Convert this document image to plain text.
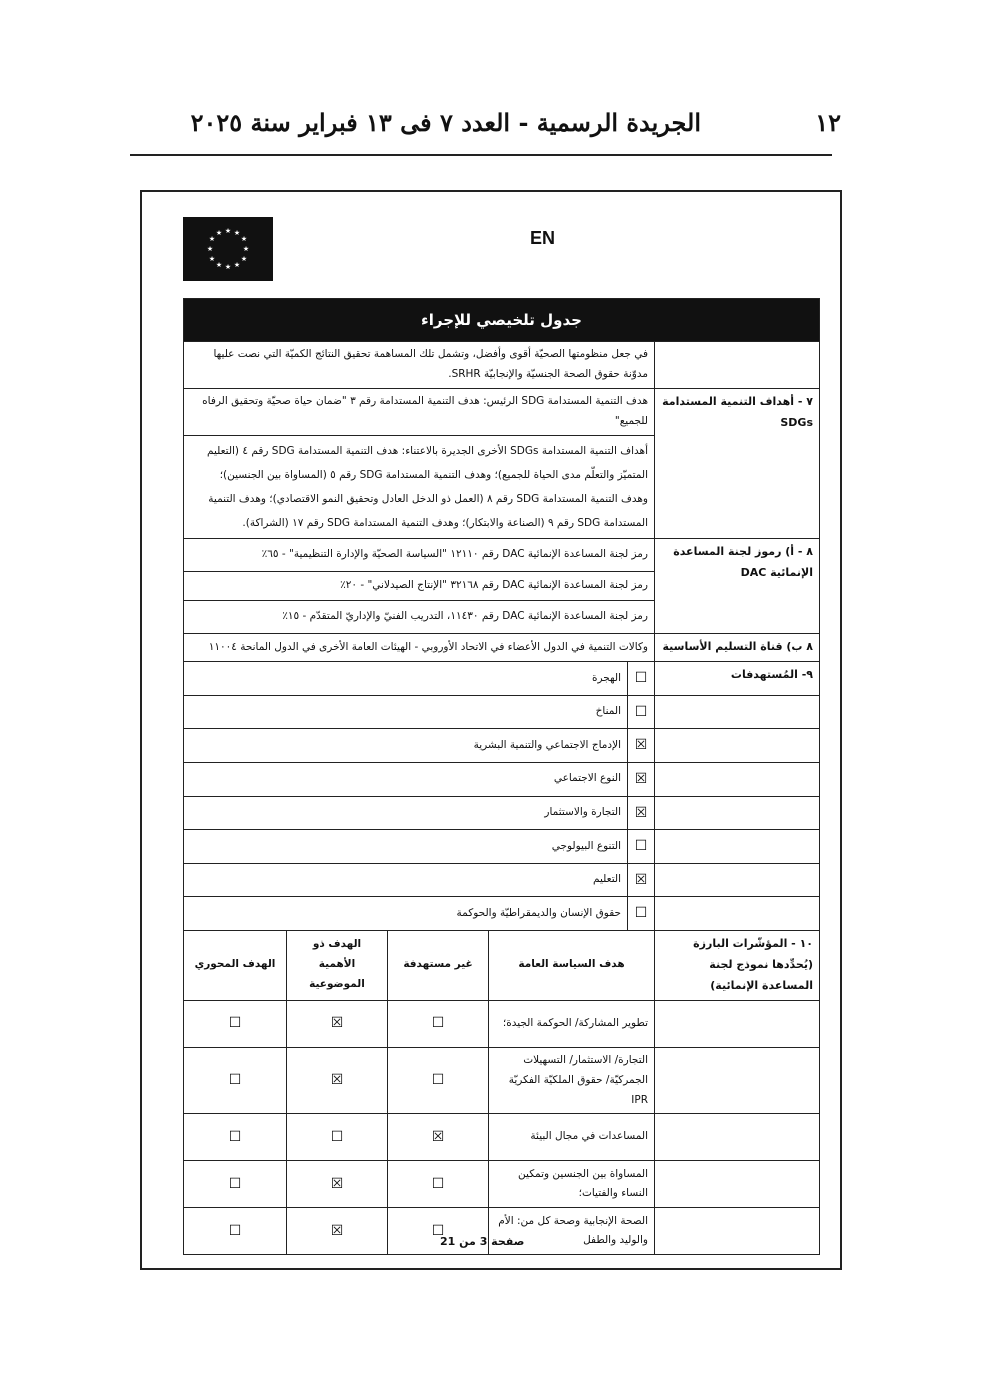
١٢
الجريدة الرسمية - العدد ٧ فى ١٣ فبراير سنة ٢٠٢٥
★ ★
★
★
★
★
★
★
★
★
★
★	EN
جدول تلخيصي للإجراء					
	في جعل منظومتها الصحيّة أقوى وأفضل، وتشمل تلك المساهمة تحقيق النتائج الكميّة التي نصت عليها مدوّنة حقوق الصحة الجنسيّة والإنجابيّة SRHR.				
٧ - أهداف التنمية المستدامة SDGs	هدف التنمية المستدامة SDG الرئيس: هدف التنمية المستدامة رقم ٣ "ضمان حياة صحيّة وتحقيق الرفاه للجميع"				
	أهداف التنمية المستدامة SDGs الأخرى الجديرة بالاعتناء: هدف التنمية المستدامة SDG رقم ٤ (التعليم المتميّز والتعلّم مدى الحياة للجميع)؛ وهدف التنمية المستدامة SDG رقم ٥ (المساواة بين الجنسين)؛ وهدف التنمية المستدامة SDG رقم ٨ (العمل ذو الدخل العادل وتحقيق النمو الاقتصادي)؛ وهدف التنمية المستدامة SDG رقم ٩ (الصناعة والابتكار)؛ وهدف التنمية المستدامة SDG رقم ١٧ (الشراكة).				
٨ - أ) رموز لجنة المساعدة الإنمائية DAC	رمز لجنة المساعدة الإنمائية DAC رقم ١٢١١٠ "السياسة الصحيّة والإدارة التنظيمية" - ٦٥٪				
	رمز لجنة المساعدة الإنمائية DAC رقم ٣٢١٦٨ "الإنتاج الصيدلاني" - ٢٠٪				
	رمز لجنة المساعدة الإنمائية DAC رقم ١١٤٣٠، التدريب الفنيّ والإداريّ المتقدّم - ١٥٪				
٨ ب) قناة التسليم الأساسية	وكالات التنمية في الدول الأعضاء في الاتحاد الأوروبي - الهيئات العامة الأخرى في الدول المانحة ١١٠٠٤				
٩- المُستهدفات	☐	الهجرة			
	☐	المناخ			
	☒	الإدماج الاجتماعي والتنمية البشرية			
	☒	النوع الاجتماعي			
	☒	التجارة والاستثمار			
	☐	التنوع البيولوجي			
	☒	التعليم			
	☐	حقوق الإنسان والديمقراطيّة والحوكمة			
١٠ - المؤشّرات البارزة (يُحدِّدها نموذج لجنة المساعدة الإنمائية)	هدف السياسة العامة		غير مستهدفة	الهدف ذو الأهمية الموضوعية	الهدف المحوري
	تطوير المشاركة/ الحوكمة الجيدة؛		☐	☒	☐
	التجارة/ الاستثمار/ التسهيلات الجمركيّة/ حقوق الملكيّة الفكريّة IPR		☐	☒	☐
	المساعدات في مجال البيئة		☒	☐	☐
	المساواة بين الجنسين وتمكين النساء والفتيات؛		☐	☒	☐
	الصحة الإنجابية وصحة كل من: الأم والوليد والطفل		☐	☒	☐
صفحة 3 من 21
